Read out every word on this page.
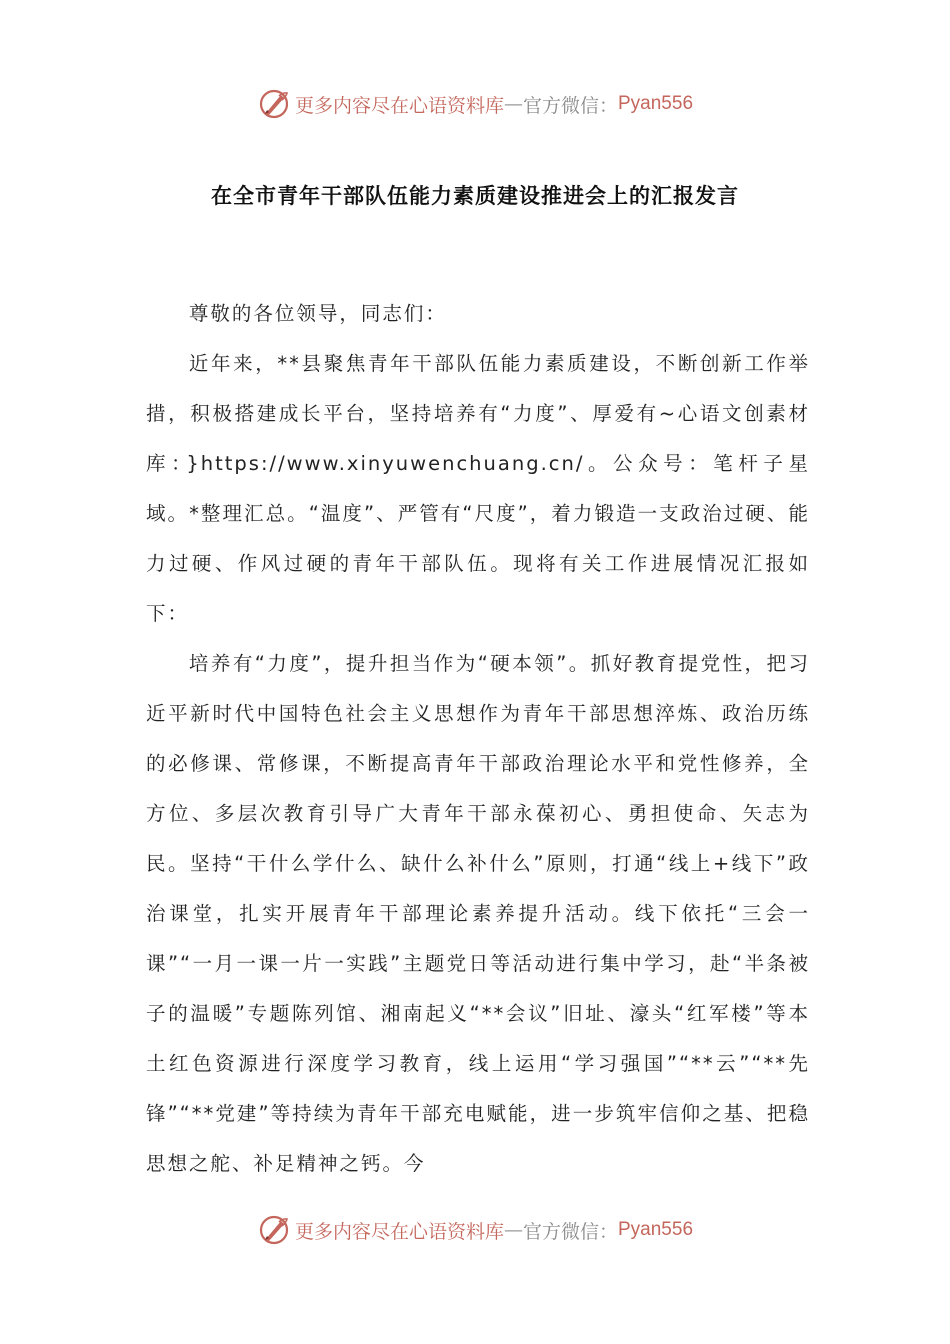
更多内容尽在心语资料库 — 官方微信： Pyan556
在全市青年干部队伍能力素质建设推进会上的汇报发言

尊敬的各位领导，同志们：

近年来，**县聚焦青年干部队伍能力素质建设，不断创新工作举措，积极搭建成长平台，坚持培养有“力度”、厚爱有~心语文创素材库：}https://www.xinyuwenchuang.cn/。公众号：笔杆子星域。*整理汇总。“温度”、严管有“尺度”，着力锻造一支政治过硬、能力过硬、作风过硬的青年干部队伍。现将有关工作进展情况汇报如下：

培养有“力度”，提升担当作为“硬本领”。抓好教育提党性，把习近平新时代中国特色社会主义思想作为青年干部思想淬炼、政治历练的必修课、常修课，不断提高青年干部政治理论水平和党性修养，全方位、多层次教育引导广大青年干部永葆初心、勇担使命、矢志为民。坚持“干什么学什么、缺什么补什么”原则，打通“线上+线下”政治课堂，扎实开展青年干部理论素养提升活动。线下依托“三会一课”“一月一课一片一实践”主题党日等活动进行集中学习，赴“半条被子的温暖”专题陈列馆、湘南起义“**会议”旧址、濠头“红军楼”等本土红色资源进行深度学习教育，线上运用“学习强国”“**云”“**先锋”“**党建”等持续为青年干部充电赋能，进一步筑牢信仰之基、把稳思想之舵、补足精神之钙。今

更多内容尽在心语资料库 — 官方微信： Pyan556
